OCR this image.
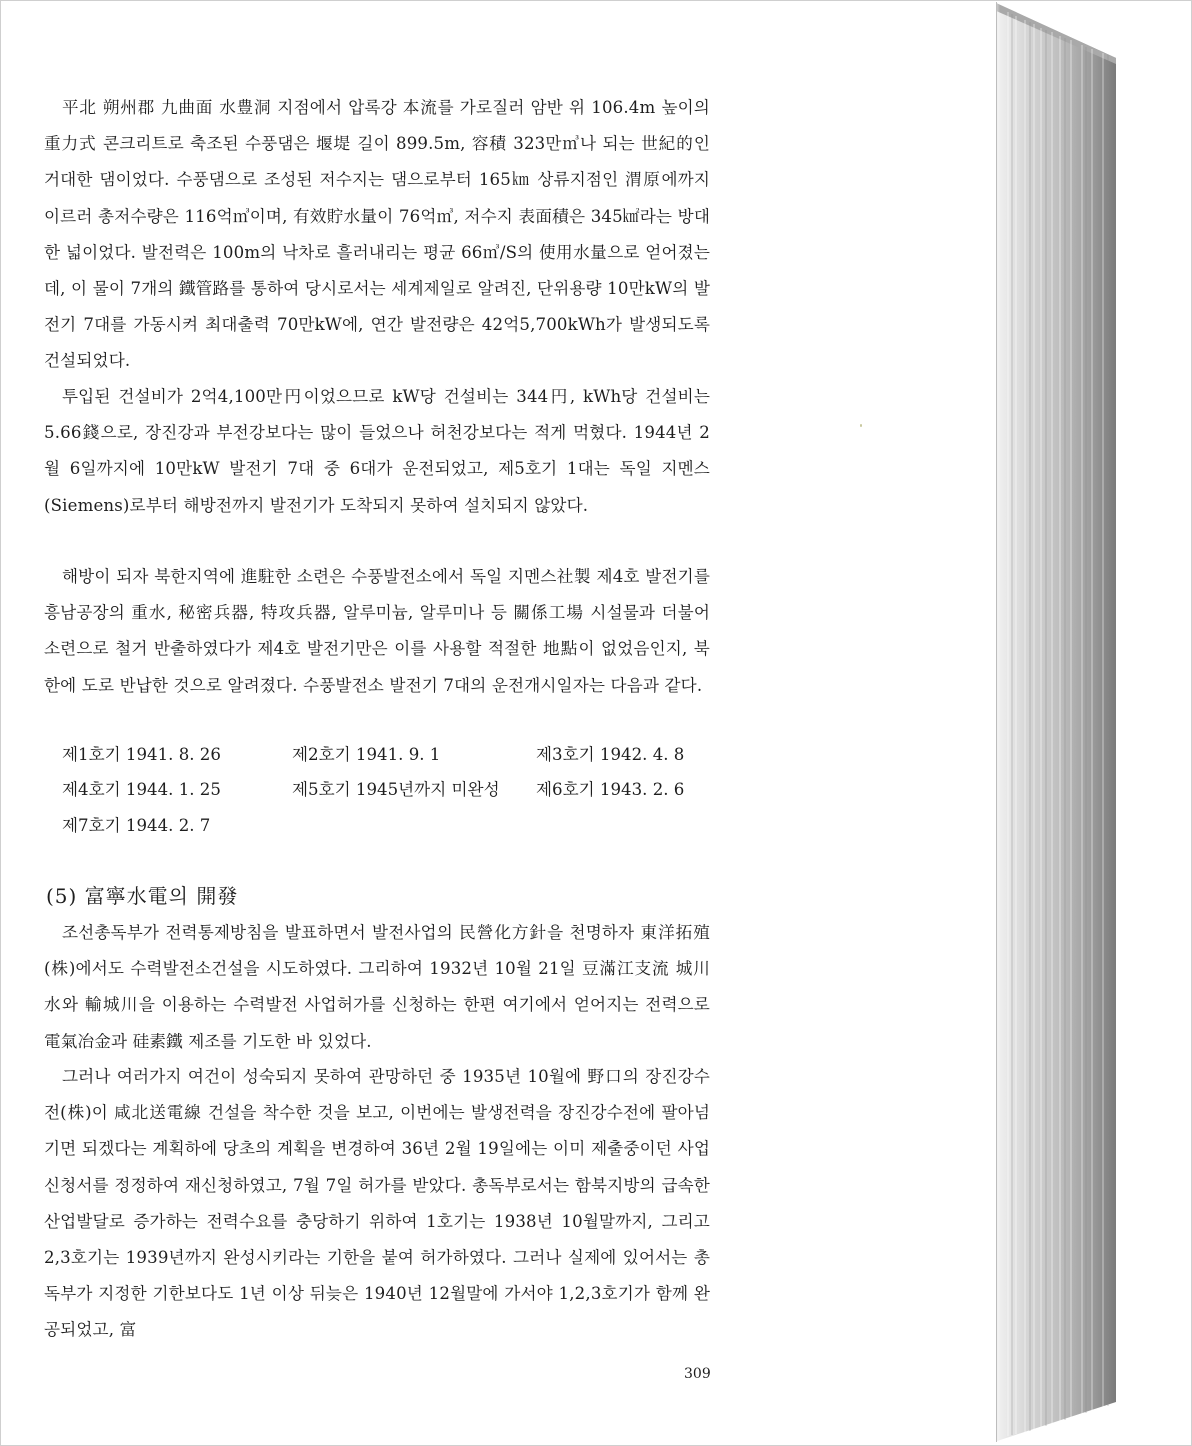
平北 朔州郡 九曲面 水豊洞 지점에서 압록강 本流를 가로질러 암반 위 106.4m 높이의 重力式 콘크리트로 축조된 수풍댐은 堰堤 길이 899.5m, 容積 323만㎥나 되는 世紀的인 거대한 댐이었다. 수풍댐으로 조성된 저수지는 댐으로부터 165㎞ 상류지점인 渭原에까지 이르러 총저수량은 116억㎥이며, 有效貯水量이 76억㎥, 저수지 表面積은 345㎢라는 방대한 넓이었다. 발전력은 100m의 낙차로 흘러내리는 평균 66㎥/S의 使用水量으로 얻어졌는데, 이 물이 7개의 鐵管路를 통하여 당시로서는 세계제일로 알려진, 단위용량 10만kW의 발전기 7대를 가동시켜 최대출력 70만kW에, 연간 발전량은 42억5,700kWh가 발생되도록 건설되었다.

투입된 건설비가 2억4,100만円이었으므로 kW당 건설비는 344円, kWh당 건설비는 5.66錢으로, 장진강과 부전강보다는 많이 들었으나 허천강보다는 적게 먹혔다. 1944년 2월 6일까지에 10만kW 발전기 7대 중 6대가 운전되었고, 제5호기 1대는 독일 지멘스(Siemens)로부터 해방전까지 발전기가 도착되지 못하여 설치되지 않았다.

해방이 되자 북한지역에 進駐한 소련은 수풍발전소에서 독일 지멘스社製 제4호 발전기를 흥남공장의 重水, 秘密兵器, 特攻兵器, 알루미늄, 알루미나 등 關係工場 시설물과 더불어 소련으로 철거 반출하였다가 제4호 발전기만은 이를 사용할 적절한 地點이 없었음인지, 북한에 도로 반납한 것으로 알려졌다. 수풍발전소 발전기 7대의 운전개시일자는 다음과 같다.

제1호기 1941. 8. 26	제2호기 1941. 9. 1	제3호기 1942. 4. 8
제4호기 1944. 1. 25	제5호기 1945년까지 미완성 제6호기 1943. 2. 6
제7호기 1944. 2. 7
(5) 富寧水電의 開發

조선총독부가 전력통제방침을 발표하면서 발전사업의 民營化方針을 천명하자 東洋拓殖(株)에서도 수력발전소건설을 시도하였다. 그리하여 1932년 10월 21일 豆滿江支流 城川水와 輸城川을 이용하는 수력발전 사업허가를 신청하는 한편 여기에서 얻어지는 전력으로 電氣冶金과 硅素鐵 제조를 기도한 바 있었다.

그러나 여러가지 여건이 성숙되지 못하여 관망하던 중 1935년 10월에 野口의 장진강수전(株)이 咸北送電線 건설을 착수한 것을 보고, 이번에는 발생전력을 장진강수전에 팔아넘기면 되겠다는 계획하에 당초의 계획을 변경하여 36년 2월 19일에는 이미 제출중이던 사업신청서를 정정하여 재신청하였고, 7월 7일 허가를 받았다. 총독부로서는 함북지방의 급속한 산업발달로 증가하는 전력수요를 충당하기 위하여 1호기는 1938년 10월말까지, 그리고 2,3호기는 1939년까지 완성시키라는 기한을 붙여 허가하였다. 그러나 실제에 있어서는 총독부가 지정한 기한보다도 1년 이상 뒤늦은 1940년 12월말에 가서야 1,2,3호기가 함께 완공되었고, 富

309
